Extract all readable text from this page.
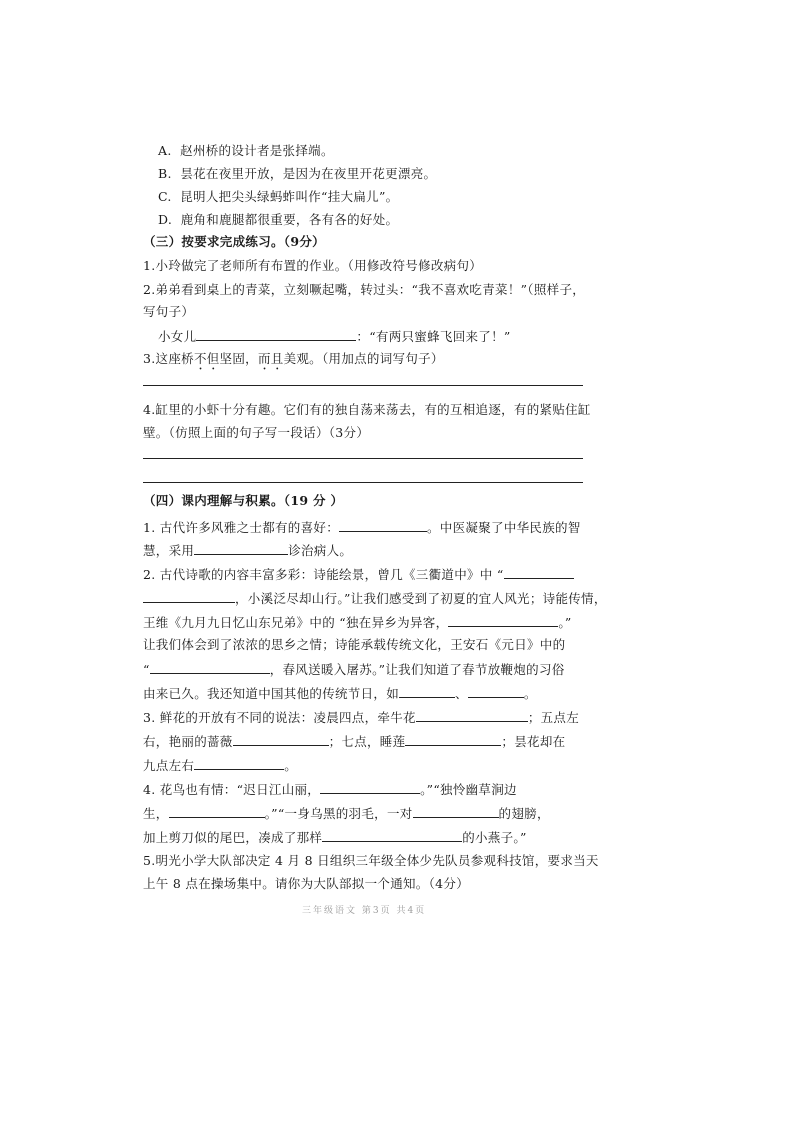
A. 赵州桥的设计者是张择端。
B. 昙花在夜里开放，是因为在夜里开花更漂亮。
C. 昆明人把尖头绿蚂蚱叫作“挂大扁儿”。
D. 鹿角和鹿腿都很重要，各有各的好处。
（三）按要求完成练习。（9分）
1.小玲做完了老师所有布置的作业。（用修改符号修改病句）
2.弟弟看到桌上的青菜，立刻噘起嘴，转过头：“我不喜欢吃青菜！”（照样子，
写句子）
小女儿	：“有两只蜜蜂飞回来了！”
3.这座桥不但坚固，而且美观。（用加点的词写句子）
4.缸里的小虾十分有趣。它们有的独自荡来荡去，有的互相追逐，有的紧贴住缸
壁。（仿照上面的句子写一段话）（3分）
（四）课内理解与积累。（19 分 ）
1. 古代许多风雅之士都有的喜好：	。中医凝聚了中华民族的智
慧，采用	诊治病人。
2. 古代诗歌的内容丰富多彩：诗能绘景，曾几《三衢道中》中 “
，小溪泛尽却山行。”让我们感受到了初夏的宜人风光；诗能传情，
王维《九月九日忆山东兄弟》中的 “独在异乡为异客，	。”
让我们体会到了浓浓的思乡之情；诗能承载传统文化，王安石《元日》中的
“	，春风送暖入屠苏。”让我们知道了春节放鞭炮的习俗
由来已久。我还知道中国其他的传统节日，如	、	。
3. 鲜花的开放有不同的说法：凌晨四点，牵牛花	；五点左
右，艳丽的蔷薇	；七点，睡莲	；昙花却在
九点左右	。
4. 花鸟也有情：“迟日江山丽，	。”“独怜幽草涧边
生，	。”“一身乌黑的羽毛，一对	的翅膀，
加上剪刀似的尾巴，凑成了那样	的小燕子。”
5.明光小学大队部决定 4 月 8 日组织三年级全体少先队员参观科技馆，要求当天
上午 8 点在操场集中。请你为大队部拟一个通知。（4分）
三年级语文 第3页 共4页
